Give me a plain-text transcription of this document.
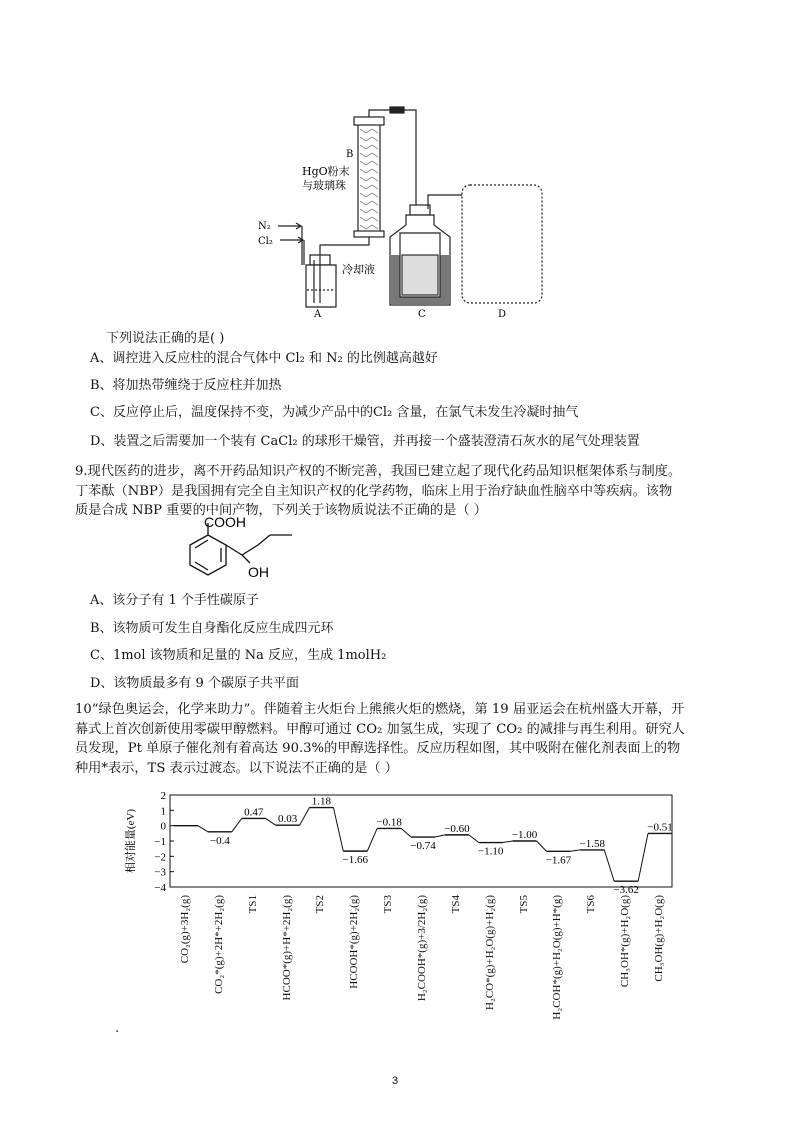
B
HgO粉末
与玻璃珠
N₂
Cl₂
冷却液
A	C	D
下列说法正确的是( )
A、调控进入反应柱的混合气体中 Cl₂ 和 N₂ 的比例越高越好
B、将加热带缠绕于反应柱并加热
C、反应停止后，温度保持不变，为减少产品中的Cl₂ 含量，在氯气未发生冷凝时抽气
D、装置之后需要加一个装有 CaCl₂ 的球形干燥管，并再接一个盛装澄清石灰水的尾气处理装置
9.现代医药的进步，离不开药品知识产权的不断完善，我国已建立起了现代化药品知识框架体系与制度。
丁苯酞（NBP）是我国拥有完全自主知识产权的化学药物，临床上用于治疗缺血性脑卒中等疾病。该物
质是合成 NBP 重要的中间产物，下列关于该物质说法不正确的是（ ）
COOH
OH
A、该分子有 1 个手性碳原子
B、该物质可发生自身酯化反应生成四元环
C、1mol 该物质和足量的 Na 反应，生成 1molH₂
D、该物质最多有 9 个碳原子共平面
10“绿色奥运会，化学来助力”。伴随着主火炬台上熊熊火炬的燃烧，第 19 届亚运会在杭州盛大开幕，开
幕式上首次创新使用零碳甲醇燃料。甲醇可通过 CO₂ 加氢生成，实现了 CO₂ 的减排与再生利用。研究人
员发现，Pt 单原子催化剂有着高达 90.3%的甲醇选择性。反应历程如图，其中吸附在催化剂表面上的物
种用*表示，TS 表示过渡态。以下说法不正确的是（ ）
2
1
0
−1
−2
−3
−4
相对能量(eV)	−0.4
0.47
0.03
1.18
−1.66
−0.18
−0.74
−0.60
−1.10
−1.00
−1.67
−1.58
−3.62
−0.51
CO₂(g)+3H₂(g) CO₂*(g)+2H*+2H₂(g) TS1 HCOO*(g)+H*+2H₂(g) TS2 HCOOH*(g)+2H₂(g) TS3 H₂COOH*(g)+3/2H₂(g) TS4 H₂CO*(g)+H₂O(g)+H₂(g) TS5 H₂COH*(g)+H₂O(g)+H*(g) TS6 CH₃OH*(g)+H₂O(g) CH₃OH(g)+H₂O(g)
.
3
